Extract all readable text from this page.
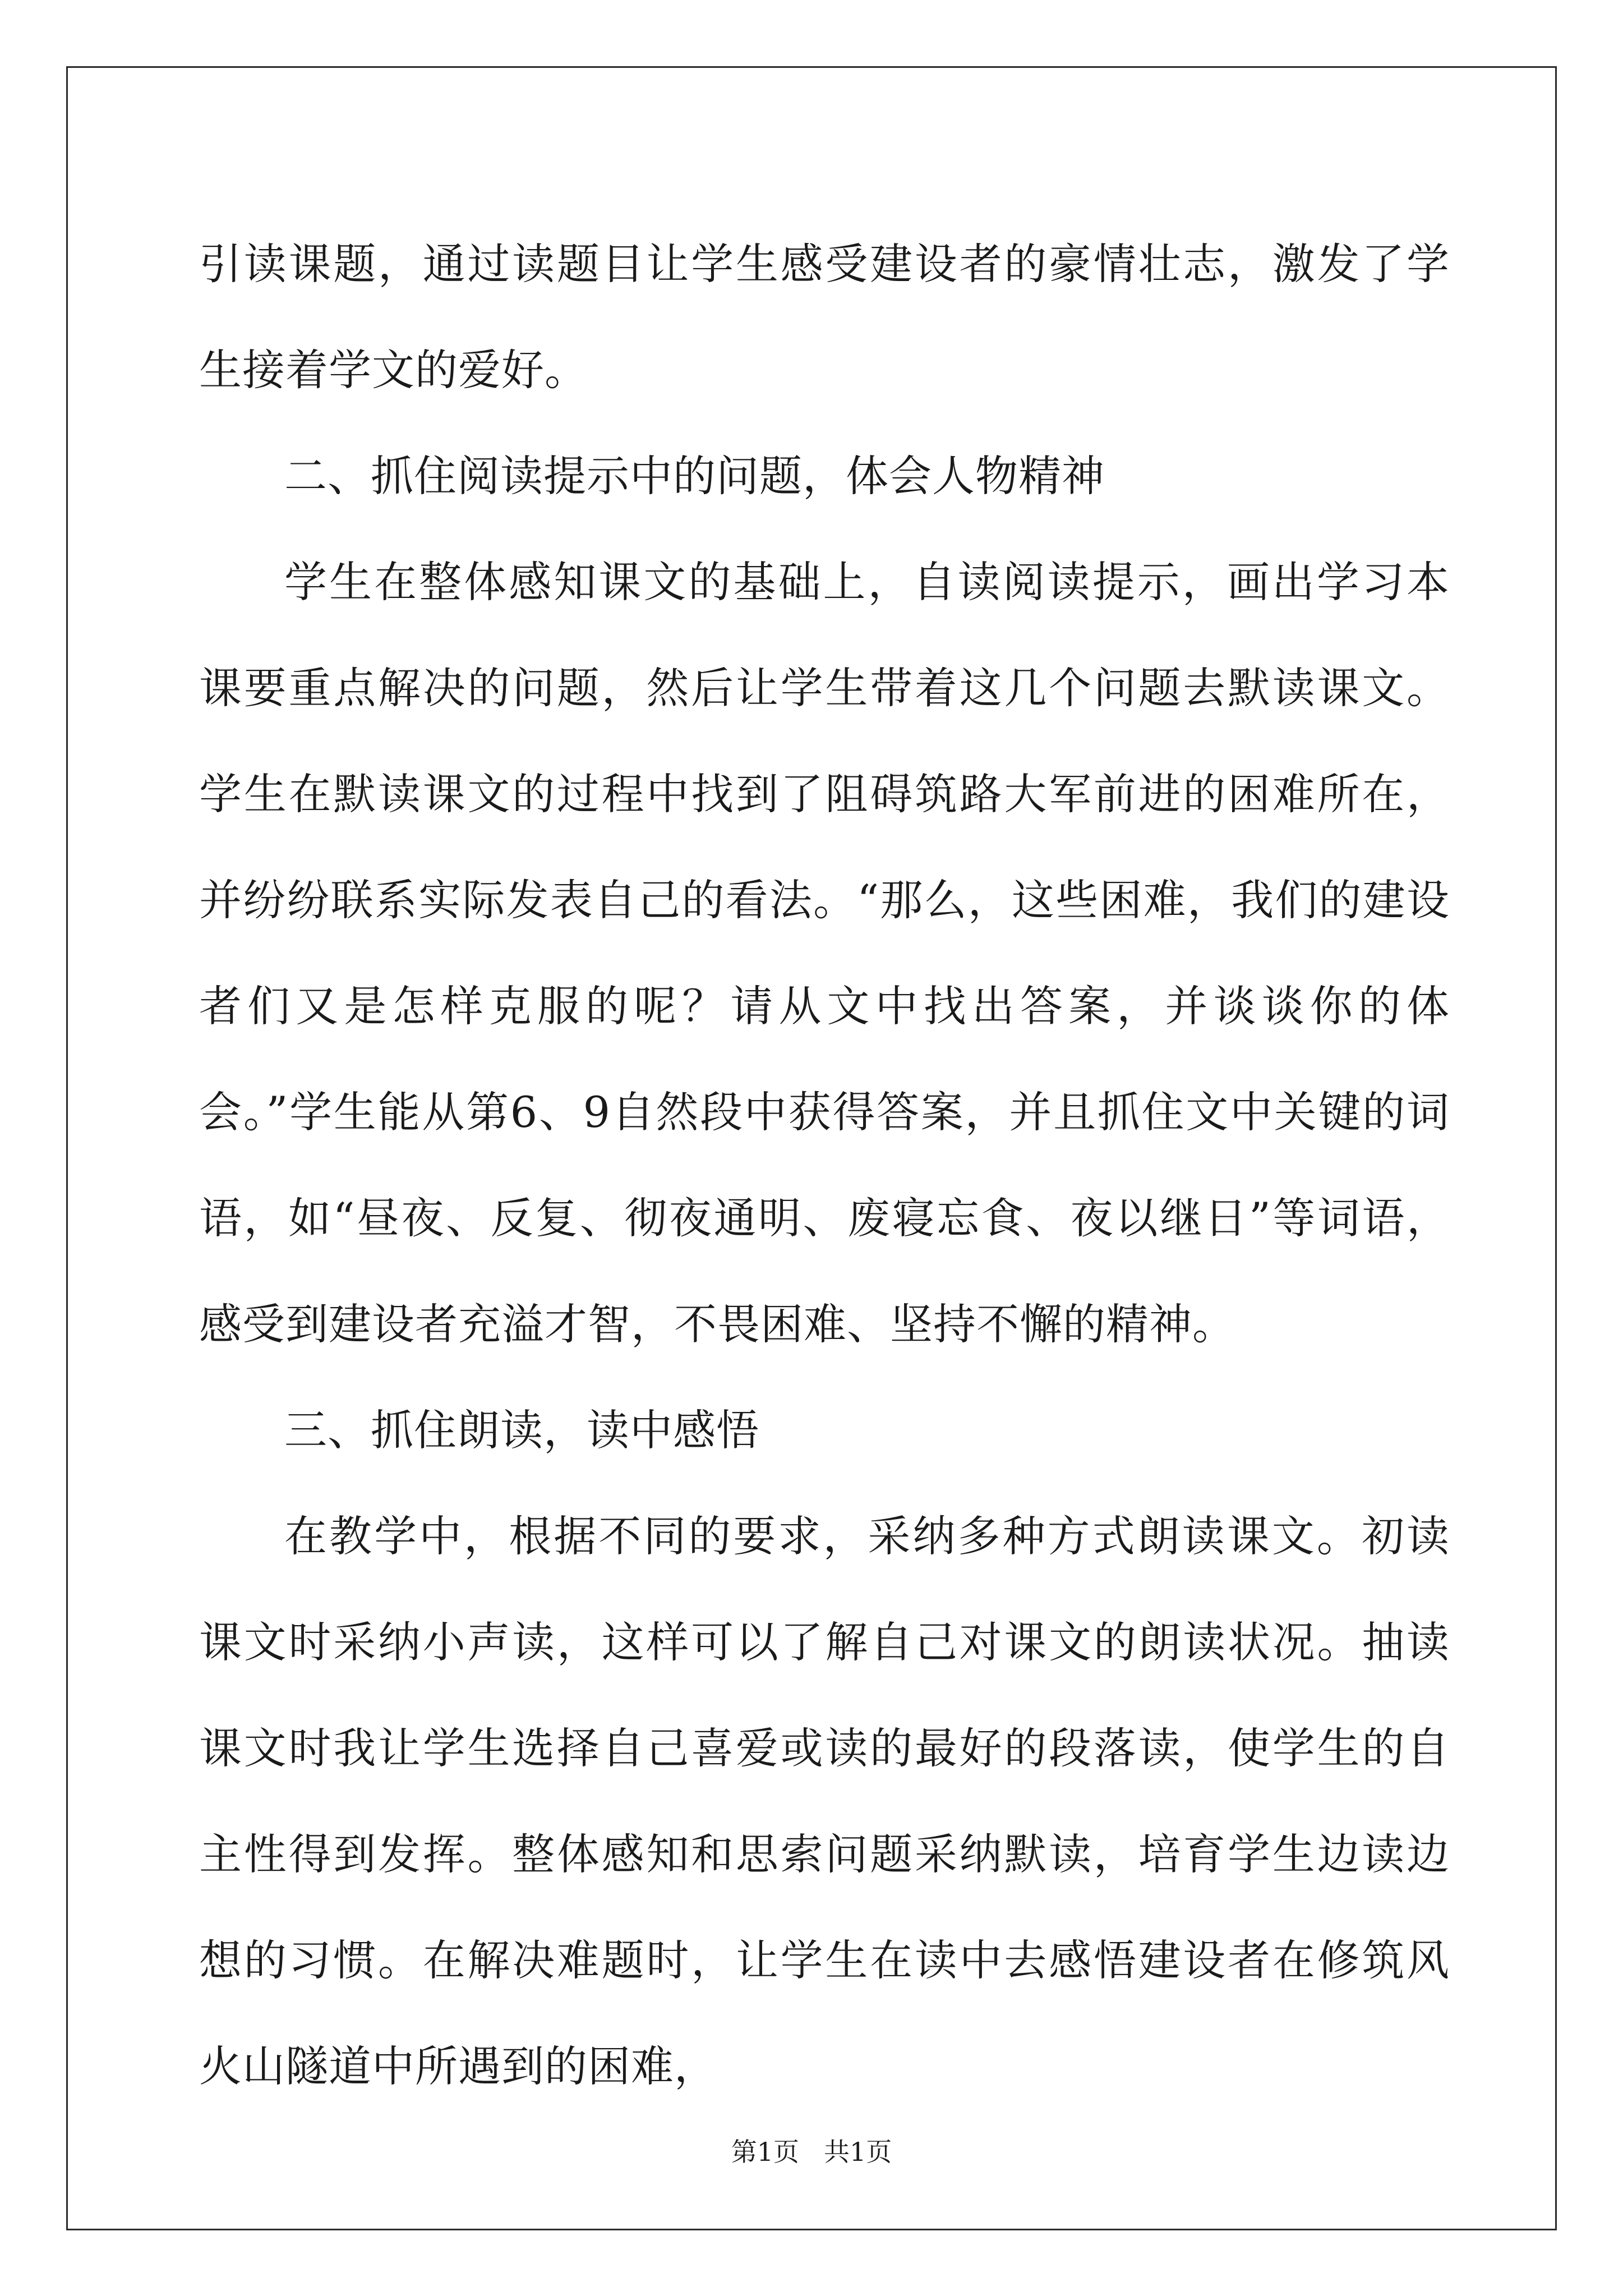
引读课题，通过读题目让学生感受建设者的豪情壮志，激发了学生接着学文的爱好。

二、抓住阅读提示中的问题，体会人物精神

学生在整体感知课文的基础上，自读阅读提示，画出学习本课要重点解决的问题，然后让学生带着这几个问题去默读课文。学生在默读课文的过程中找到了阻碍筑路大军前进的困难所在，并纷纷联系实际发表自己的看法。“那么，这些困难，我们的建设者们又是怎样克服的呢？请从文中找出答案，并谈谈你的体会。”学生能从第6、9自然段中获得答案，并且抓住文中关键的词语，如“昼夜、反复、彻夜通明、废寝忘食、夜以继日”等词语，感受到建设者充溢才智，不畏困难、坚持不懈的精神。

三、抓住朗读，读中感悟

在教学中，根据不同的要求，采纳多种方式朗读课文。初读课文时采纳小声读，这样可以了解自己对课文的朗读状况。抽读课文时我让学生选择自己喜爱或读的最好的段落读，使学生的自主性得到发挥。整体感知和思索问题采纳默读，培育学生边读边想的习惯。在解决难题时，让学生在读中去感悟建设者在修筑风火山隧道中所遇到的困难，

第1页 共1页
